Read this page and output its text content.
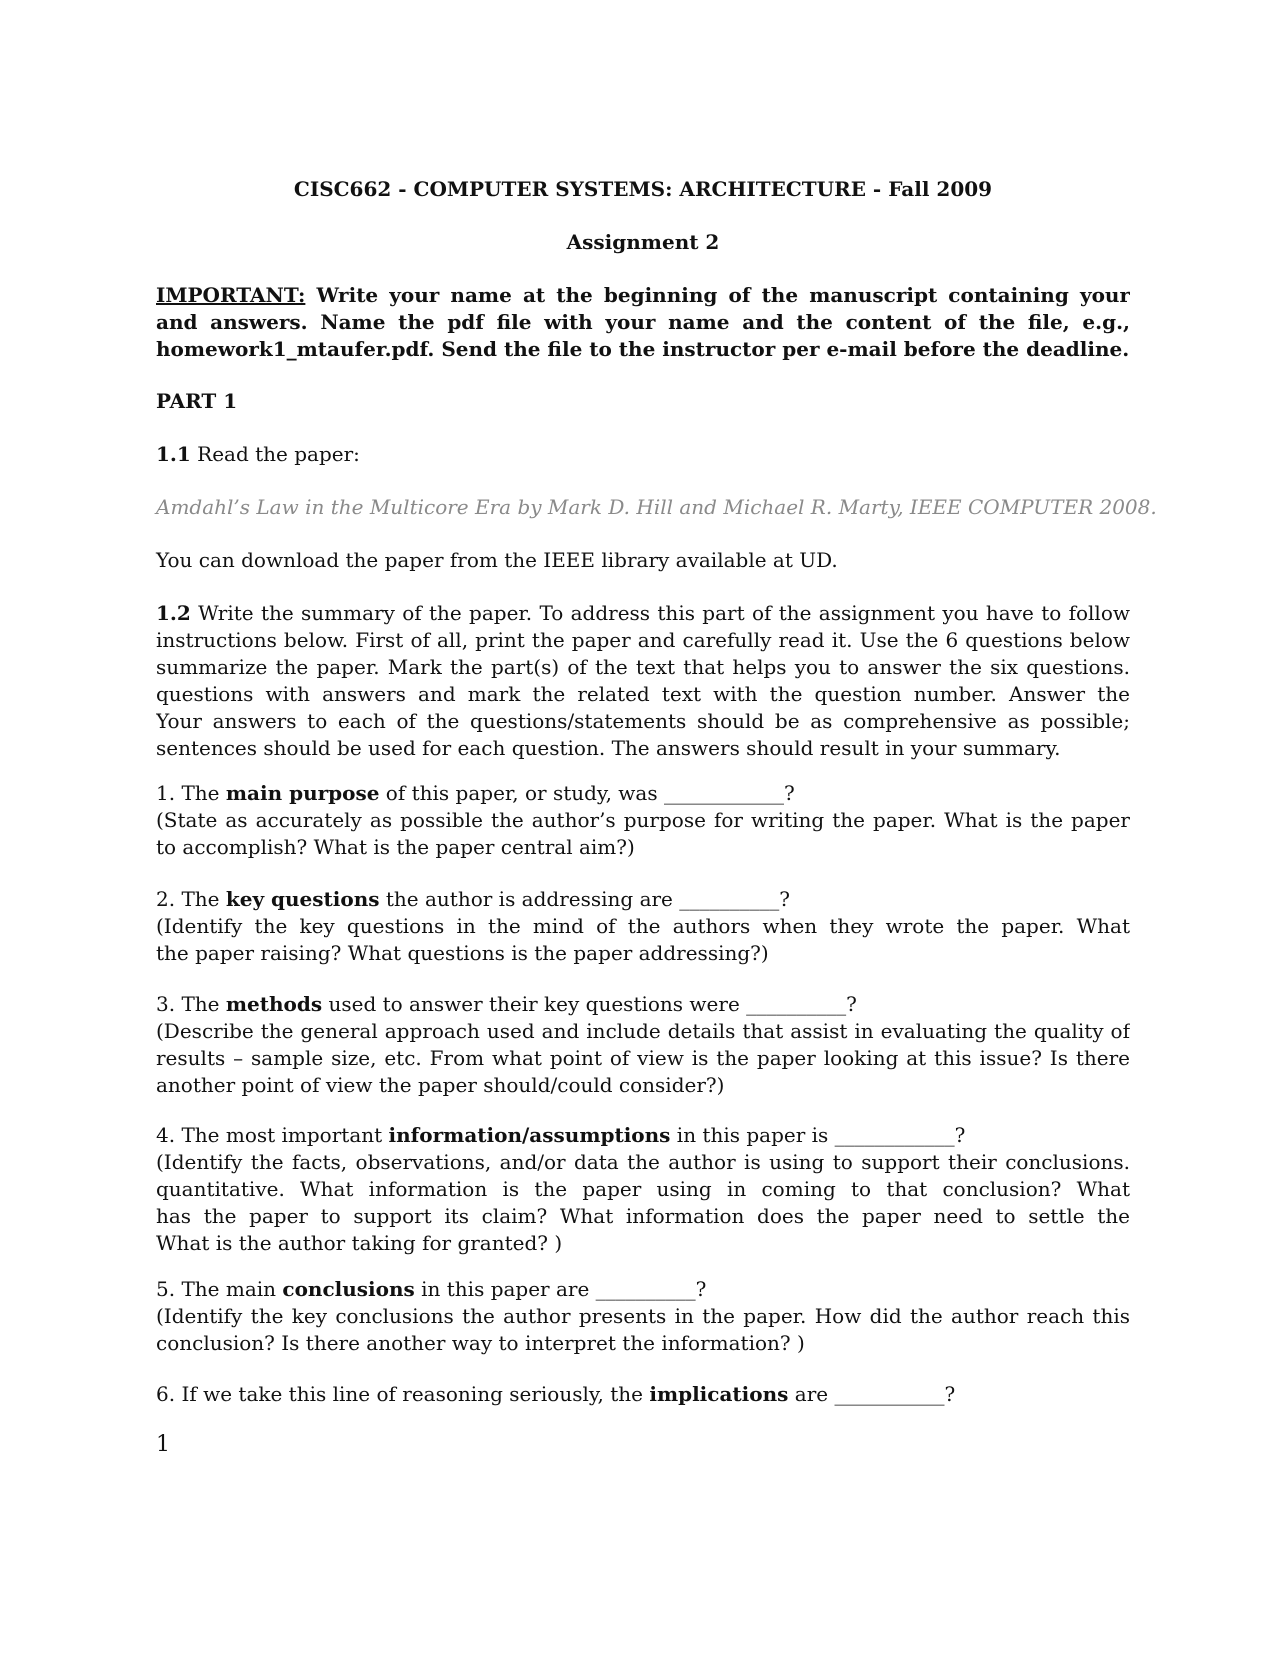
CISC662 - COMPUTER SYSTEMS: ARCHITECTURE - Fall 2009
Assignment 2
IMPORTANT: Write your name at the beginning of the manuscript containing your
and answers. Name the pdf file with your name and the content of the file, e.g.,
homework1_mtaufer.pdf. Send the file to the instructor per e-mail before the deadline.
PART 1
1.1 Read the paper:
Amdahl’s Law in the Multicore Era by Mark D. Hill and Michael R. Marty, IEEE COMPUTER 2008.
You can download the paper from the IEEE library available at UD.
1.2 Write the summary of the paper. To address this part of the assignment you have to follow
instructions below. First of all, print the paper and carefully read it. Use the 6 questions below
summarize the paper. Mark the part(s) of the text that helps you to answer the six questions.
questions with answers and mark the related text with the question number. Answer the
Your answers to each of the questions/statements should be as comprehensive as possible;
sentences should be used for each question. The answers should result in your summary.
1. The main purpose of this paper, or study, was ____________?
(State as accurately as possible the author’s purpose for writing the paper. What is the paper
to accomplish? What is the paper central aim?)
2. The key questions the author is addressing are __________?
(Identify the key questions in the mind of the authors when they wrote the paper. What
the paper raising? What questions is the paper addressing?)
3. The methods used to answer their key questions were __________?
(Describe the general approach used and include details that assist in evaluating the quality of
results – sample size, etc. From what point of view is the paper looking at this issue? Is there
another point of view the paper should/could consider?)
4. The most important information/assumptions in this paper is ____________?
(Identify the facts, observations, and/or data the author is using to support their conclusions.
quantitative. What information is the paper using in coming to that conclusion? What
has the paper to support its claim? What information does the paper need to settle the
What is the author taking for granted? )
5. The main conclusions in this paper are __________?
(Identify the key conclusions the author presents in the paper. How did the author reach this
conclusion? Is there another way to interpret the information? )
6. If we take this line of reasoning seriously, the implications are ___________?
1
